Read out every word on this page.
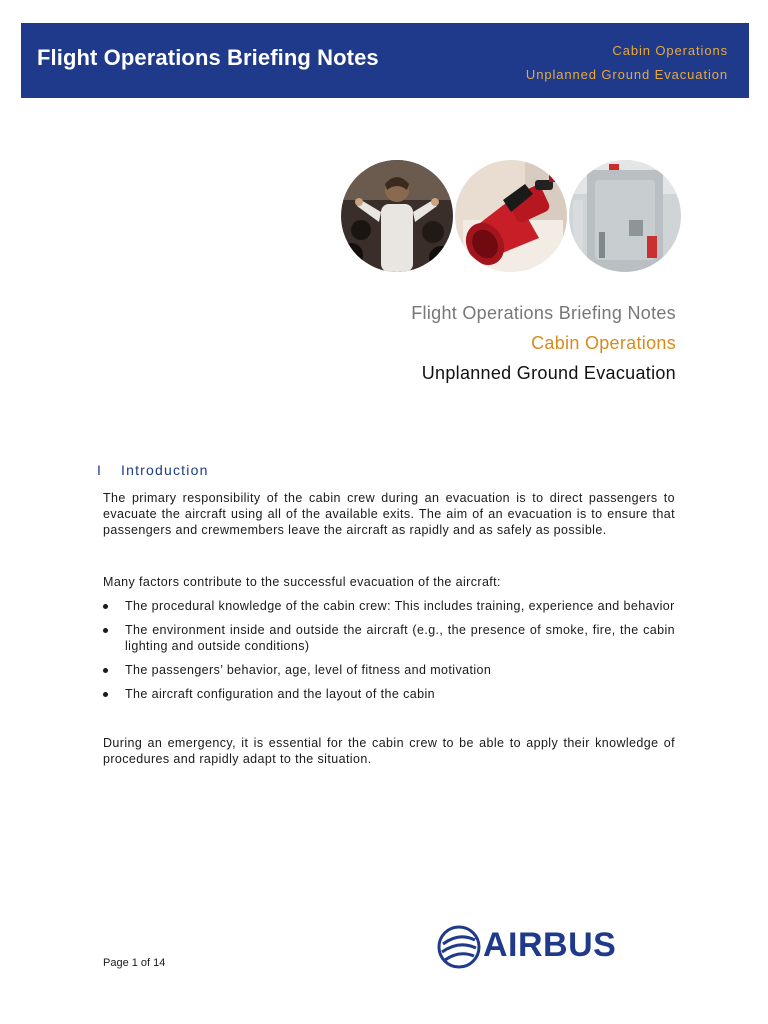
Flight Operations Briefing Notes	Cabin Operations
Unplanned Ground Evacuation
Flight Operations Briefing Notes
Cabin Operations
Unplanned Ground Evacuation
I Introduction
The primary responsibility of the cabin crew during an evacuation is to direct passengers to evacuate the aircraft using all of the available exits. The aim of an evacuation is to ensure that passengers and crewmembers leave the aircraft as rapidly and as safely as possible.
Many factors contribute to the successful evacuation of the aircraft:
The procedural knowledge of the cabin crew: This includes training, experience and behavior
The environment inside and outside the aircraft (e.g., the presence of smoke, fire, the cabin lighting and outside conditions)
The passengers’ behavior, age, level of fitness and motivation
The aircraft configuration and the layout of the cabin
During an emergency, it is essential for the cabin crew to be able to apply their knowledge of procedures and rapidly adapt to the situation.
Page 1 of 14	AIRBUS
